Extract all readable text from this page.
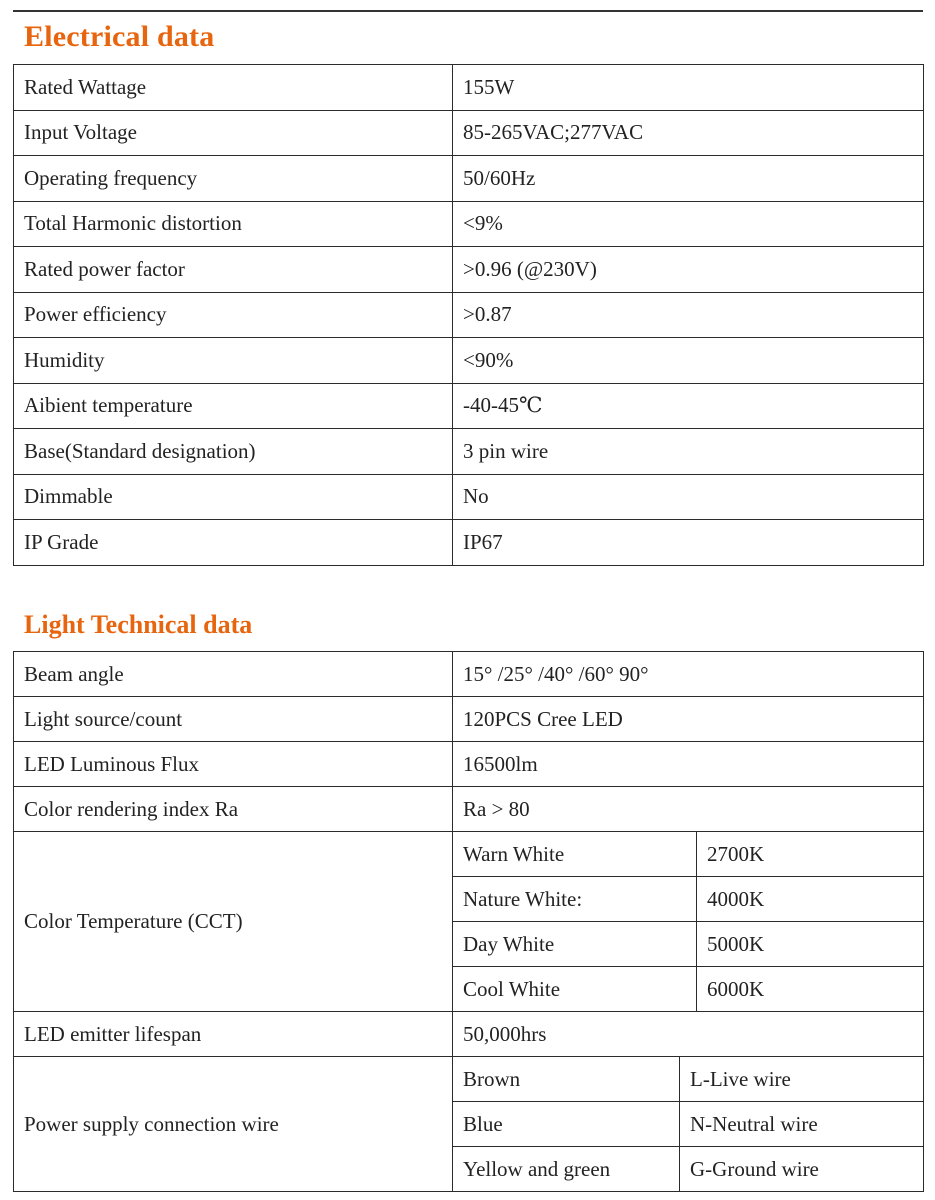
Electrical data
Rated Wattage	155W
Input Voltage	85-265VAC;277VAC
Operating frequency	50/60Hz
Total Harmonic distortion	<9%
Rated power factor	>0.96 (@230V)
Power efficiency	>0.87
Humidity	<90%
Aibient temperature	-40-45℃
Base(Standard designation)	3 pin wire
Dimmable	No
IP Grade	IP67
Light Technical data
Beam angle	15° /25° /40° /60° 90°		
Light source/count	120PCS Cree LED		
LED Luminous Flux	16500lm		
Color rendering index Ra	Ra > 80		
Color Temperature (CCT)	Warn White		2700K
	Nature White:		4000K
	Day White		5000K
	Cool White		6000K
LED emitter lifespan	50,000hrs		
Power supply connection wire	Brown	L-Live wire	
	Blue	N-Neutral wire	
	Yellow and green	G-Ground wire	
